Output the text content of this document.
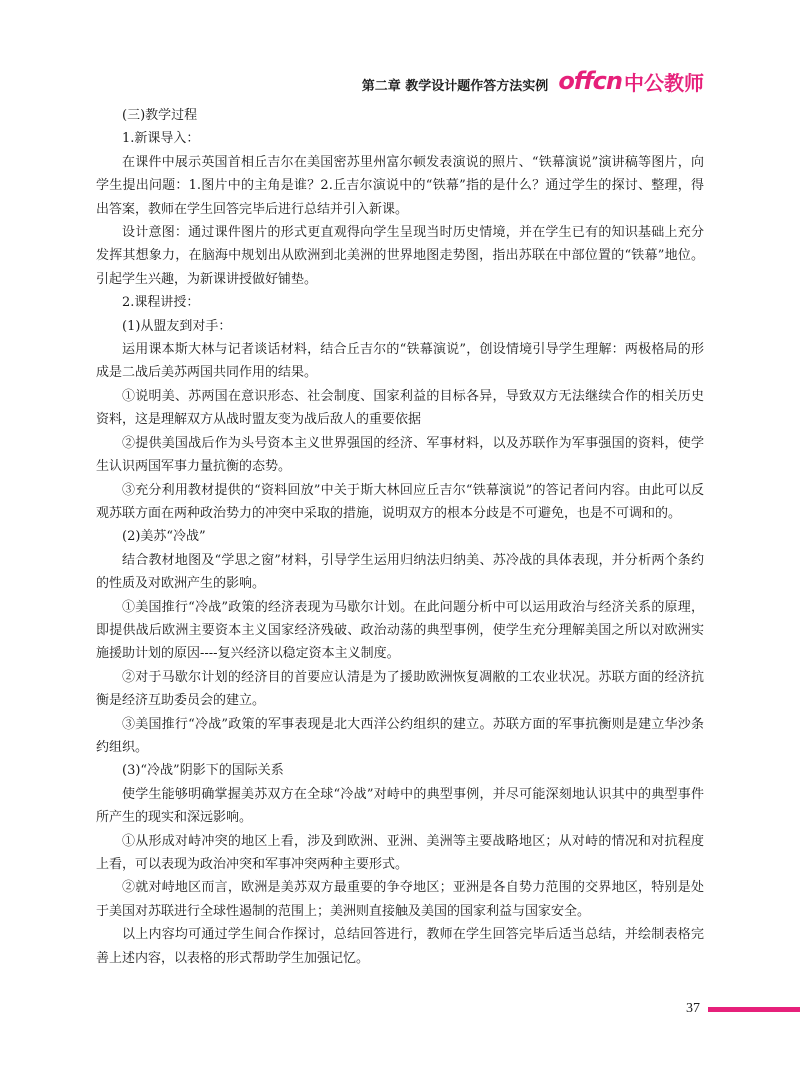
第二章 教学设计题作答方法实例 offcn 中公教师

(三)教学过程

1.新课导入：

在课件中展示英国首相丘吉尔在美国密苏里州富尔顿发表演说的照片、“铁幕演说”演讲稿等图片，向学生提出问题：1.图片中的主角是谁？2.丘吉尔演说中的“铁幕”指的是什么？通过学生的探讨、整理，得出答案，教师在学生回答完毕后进行总结并引入新课。

设计意图：通过课件图片的形式更直观得向学生呈现当时历史情境，并在学生已有的知识基础上充分发挥其想象力，在脑海中规划出从欧洲到北美洲的世界地图走势图，指出苏联在中部位置的“铁幕”地位。引起学生兴趣，为新课讲授做好铺垫。

2.课程讲授：

(1)从盟友到对手：

运用课本斯大林与记者谈话材料，结合丘吉尔的“铁幕演说”，创设情境引导学生理解：两极格局的形成是二战后美苏两国共同作用的结果。

①说明美、苏两国在意识形态、社会制度、国家利益的目标各异，导致双方无法继续合作的相关历史资料，这是理解双方从战时盟友变为战后敌人的重要依据

②提供美国战后作为头号资本主义世界强国的经济、军事材料，以及苏联作为军事强国的资料，使学生认识两国军事力量抗衡的态势。

③充分利用教材提供的“资料回放”中关于斯大林回应丘吉尔“铁幕演说”的答记者问内容。由此可以反观苏联方面在两种政治势力的冲突中采取的措施，说明双方的根本分歧是不可避免，也是不可调和的。

(2)美苏“冷战”

结合教材地图及“学思之窗”材料，引导学生运用归纳法归纳美、苏冷战的具体表现，并分析两个条约的性质及对欧洲产生的影响。

①美国推行“冷战”政策的经济表现为马歇尔计划。在此问题分析中可以运用政治与经济关系的原理，即提供战后欧洲主要资本主义国家经济残破、政治动荡的典型事例，使学生充分理解美国之所以对欧洲实施援助计划的原因----复兴经济以稳定资本主义制度。

②对于马歇尔计划的经济目的首要应认清是为了援助欧洲恢复凋敝的工农业状况。苏联方面的经济抗衡是经济互助委员会的建立。

③美国推行“冷战”政策的军事表现是北大西洋公约组织的建立。苏联方面的军事抗衡则是建立华沙条约组织。

(3)“冷战”阴影下的国际关系

使学生能够明确掌握美苏双方在全球“冷战”对峙中的典型事例，并尽可能深刻地认识其中的典型事件所产生的现实和深远影响。

①从形成对峙冲突的地区上看，涉及到欧洲、亚洲、美洲等主要战略地区；从对峙的情况和对抗程度上看，可以表现为政治冲突和军事冲突两种主要形式。

②就对峙地区而言，欧洲是美苏双方最重要的争夺地区；亚洲是各自势力范围的交界地区，特别是处于美国对苏联进行全球性遏制的范围上；美洲则直接触及美国的国家利益与国家安全。

以上内容均可通过学生间合作探讨，总结回答进行，教师在学生回答完毕后适当总结，并绘制表格完善上述内容，以表格的形式帮助学生加强记忆。

37
